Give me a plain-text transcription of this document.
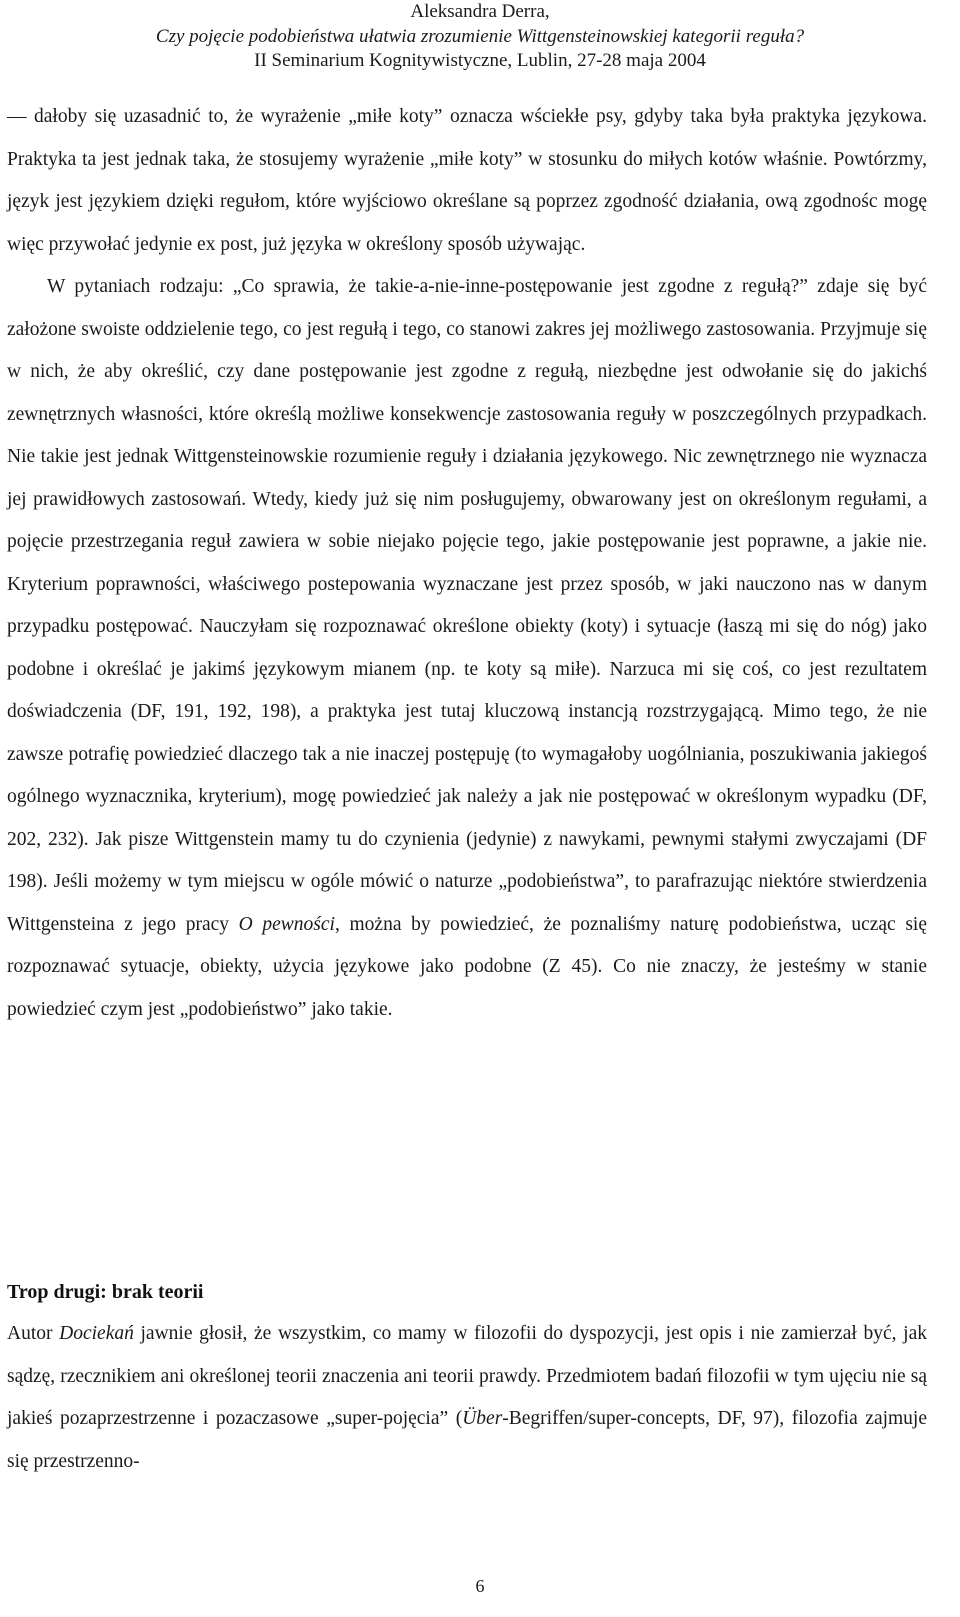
Aleksandra Derra,
Czy pojęcie podobieństwa ułatwia zrozumienie Wittgensteinowskiej kategorii reguła?
II Seminarium Kognitywistyczne, Lublin, 27-28 maja 2004

— dałoby się uzasadnić to, że wyrażenie „miłe koty” oznacza wściekłe psy, gdyby taka była praktyka językowa. Praktyka ta jest jednak taka, że stosujemy wyrażenie „miłe koty” w stosunku do miłych kotów właśnie. Powtórzmy, język jest językiem dzięki regułom, które wyjściowo określane są poprzez zgodność działania, ową zgodnośc mogę więc przywołać jedynie ex post, już języka w określony sposób używając.

W pytaniach rodzaju: „Co sprawia, że takie-a-nie-inne-postępowanie jest zgodne z regułą?” zdaje się być założone swoiste oddzielenie tego, co jest regułą i tego, co stanowi zakres jej możliwego zastosowania. Przyjmuje się w nich, że aby określić, czy dane postępowanie jest zgodne z regułą, niezbędne jest odwołanie się do jakichś zewnętrznych własności, które określą możliwe konsekwencje zastosowania reguły w poszczególnych przypadkach. Nie takie jest jednak Wittgensteinowskie rozumienie reguły i działania językowego. Nic zewnętrznego nie wyznacza jej prawidłowych zastosowań. Wtedy, kiedy już się nim posługujemy, obwarowany jest on określonym regułami, a pojęcie przestrzegania reguł zawiera w sobie niejako pojęcie tego, jakie postępowanie jest poprawne, a jakie nie. Kryterium poprawności, właściwego postepowania wyznaczane jest przez sposób, w jaki nauczono nas w danym przypadku postępować. Nauczyłam się rozpoznawać określone obiekty (koty) i sytuacje (łaszą mi się do nóg) jako podobne i określać je jakimś językowym mianem (np. te koty są miłe). Narzuca mi się coś, co jest rezultatem doświadczenia (DF, 191, 192, 198), a praktyka jest tutaj kluczową instancją rozstrzygającą. Mimo tego, że nie zawsze potrafię powiedzieć dlaczego tak a nie inaczej postępuję (to wymagałoby uogólniania, poszukiwania jakiegoś ogólnego wyznacznika, kryterium), mogę powiedzieć jak należy a jak nie postępować w określonym wypadku (DF, 202, 232). Jak pisze Wittgenstein mamy tu do czynienia (jedynie) z nawykami, pewnymi stałymi zwyczajami (DF 198). Jeśli możemy w tym miejscu w ogóle mówić o naturze „podobieństwa”, to parafrazując niektóre stwierdzenia Wittgensteina z jego pracy O pewności, można by powiedzieć, że poznaliśmy naturę podobieństwa, ucząc się rozpoznawać sytuacje, obiekty, użycia językowe jako podobne (Z 45). Co nie znaczy, że jesteśmy w stanie powiedzieć czym jest „podobieństwo” jako takie.

Trop drugi: brak teorii

Autor Dociekań jawnie głosił, że wszystkim, co mamy w filozofii do dyspozycji, jest opis i nie zamierzał być, jak sądzę, rzecznikiem ani określonej teorii znaczenia ani teorii prawdy. Przedmiotem badań filozofii w tym ujęciu nie są jakieś pozaprzestrzenne i pozaczasowe „super-pojęcia” (Über-Begriffen/super-concepts, DF, 97), filozofia zajmuje się przestrzenno-

6
